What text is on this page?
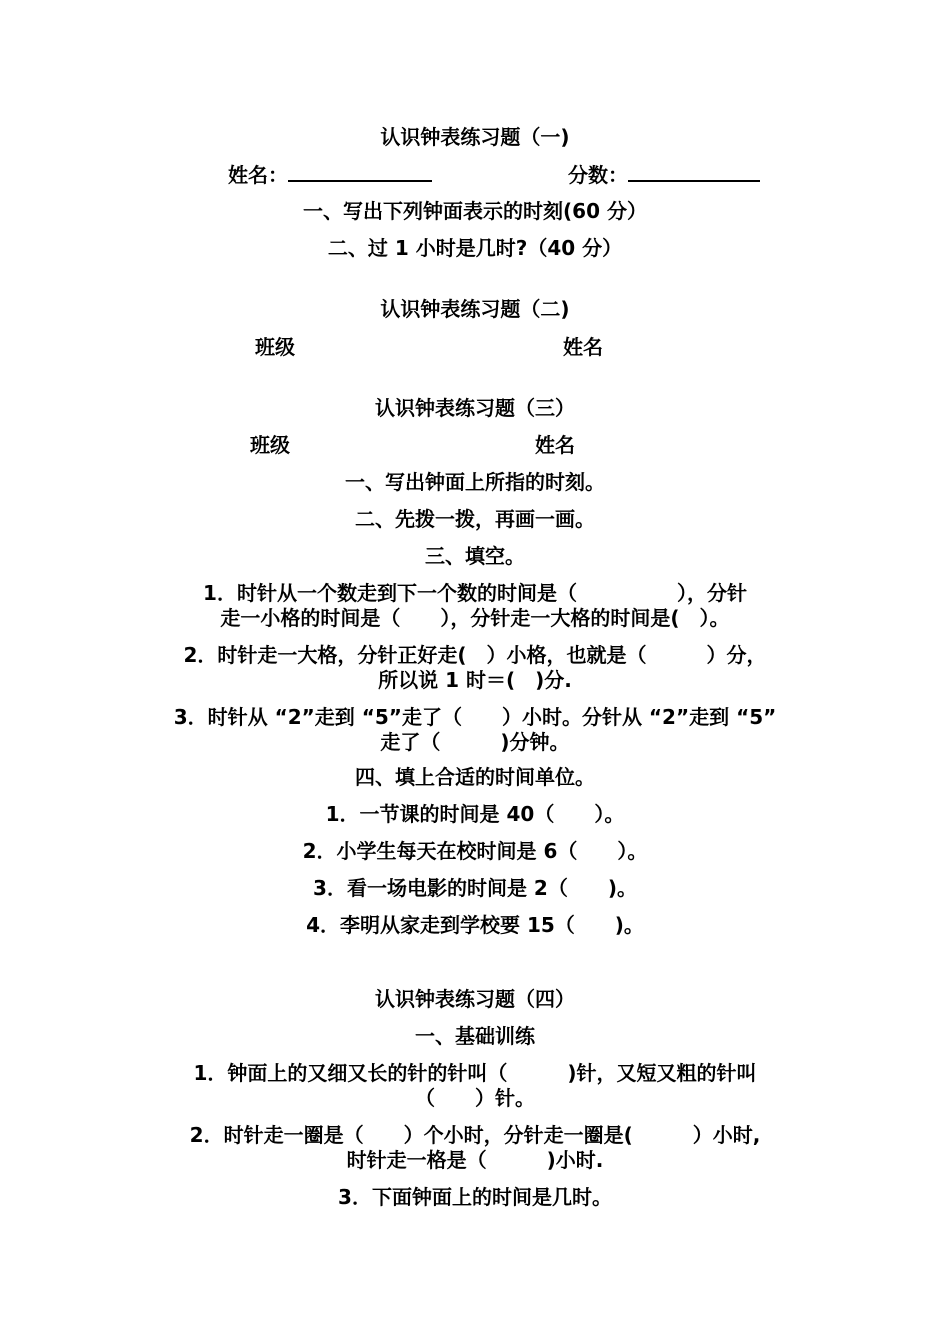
认识钟表练习题（一)
姓名：	分数：
一、写出下列钟面表示的时刻(60 分）
二、过 1 小时是几时?（40 分）
认识钟表练习题（二)
班级	姓名
认识钟表练习题（三）
班级	姓名
一、写出钟面上所指的时刻。
二、先拨一拨，再画一画。
三、填空。
1．时针从一个数走到下一个数的时间是（　　　　　），分针
走一小格的时间是（　　），分针走一大格的时间是(　）。
2．时针走一大格，分针正好走(　）小格，也就是（　　　）分，
所以说 1 时＝(　)分.
3．时针从 “2”走到 “5”走了（　　）小时。分针从 “2”走到 “5”
走了（　　　)分钟。
四、填上合适的时间单位。
1．一节课的时间是 40（　　）。
2．小学生每天在校时间是 6（　　）。
3．看一场电影的时间是 2（　　)。
4．李明从家走到学校要 15（　　)。
认识钟表练习题（四）
一、基础训练
1．钟面上的又细又长的针的针叫（　　　)针，又短又粗的针叫
（　　）针。
2．时针走一圈是（　　）个小时，分针走一圈是(　　　）小时,
时针走一格是（　　　)小时.
3．下面钟面上的时间是几时。
